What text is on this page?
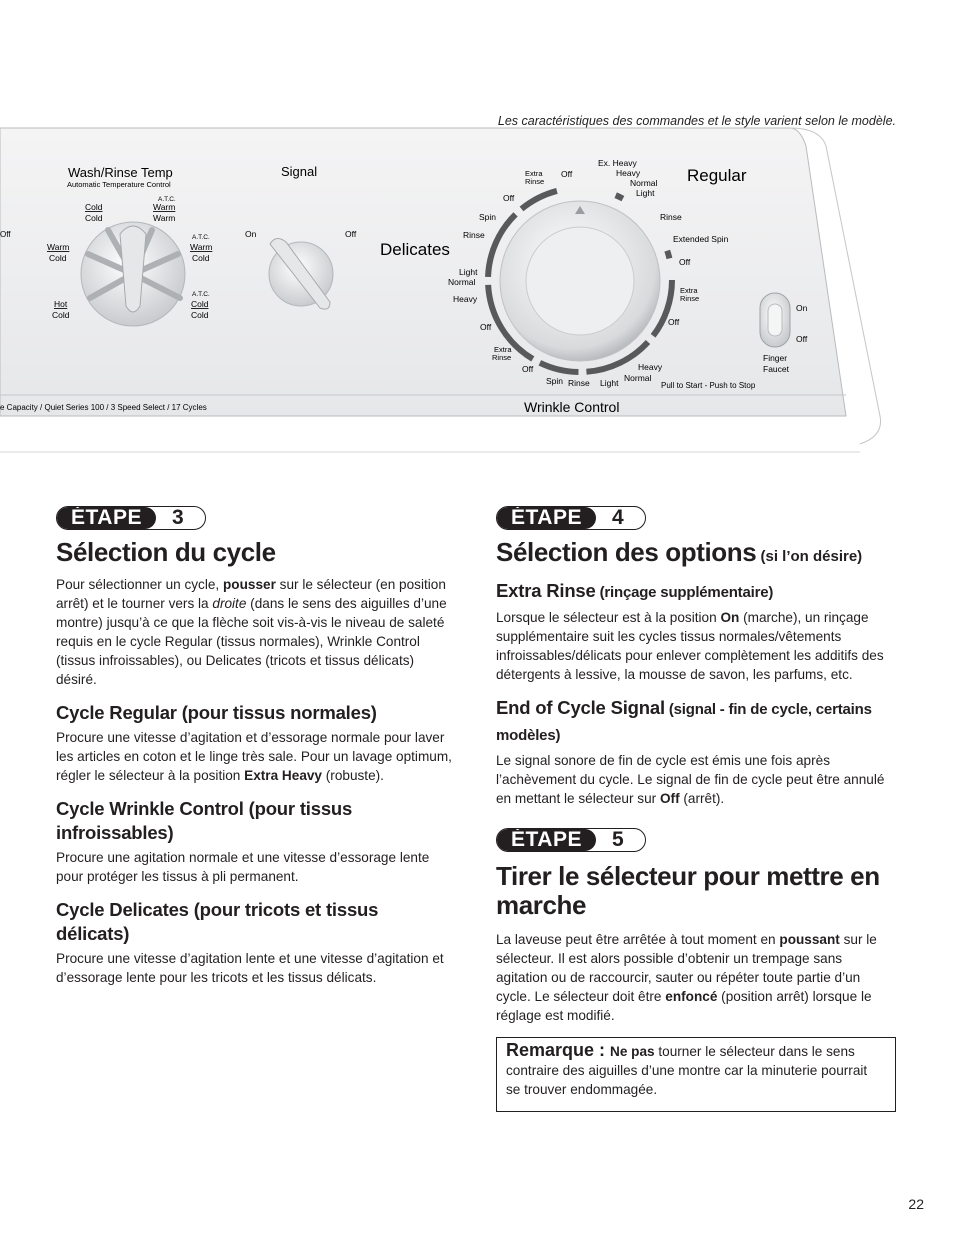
Les caractéristiques des commandes et le style varient selon le modèle.
Wash/Rinse Temp
Automatic Temperature Control
Off
Cold
Cold
A.T.C.
Warm
Warm
Warm
Cold
A.T.C.
Warm
Cold
Hot
Cold
A.T.C.
Cold
Cold
Signal
On	Off
Delicates
Regular
Ex. Heavy
Heavy
Normal
Light
Rinse
Extended Spin
Off
Extra
Rinse
Off
Extra
Rinse
Off
Off
Spin
Rinse
Light
Normal
Heavy
Off
Extra
Rinse
Off
Spin Rinse Light Normal
Heavy
Pull to Start - Push to Stop
Wrinkle Control
On
Off
Finger
Faucet
e Capacity / Quiet Series 100 / 3 Speed Select / 17 Cycles
ÉTAPE	3
Sélection du cycle

Pour sélectionner un cycle, pousser sur le sélecteur (en position arrêt) et le tourner vers la droite (dans le sens des aiguilles d’une montre) jusqu’à ce que la flèche soit vis-à-vis le niveau de saleté requis en le cycle Regular (tissus normales), Wrinkle Control (tissus infroissables), ou Delicates (tricots et tissus délicats) désiré.

Cycle Regular (pour tissus normales)

Procure une vitesse d’agitation et d’essorage normale pour laver les articles en coton et le linge très sale. Pour un lavage optimum, régler le sélecteur à la position Extra Heavy (robuste).

Cycle Wrinkle Control (pour tissus infroissables)

Procure une agitation normale et une vitesse d’essorage lente pour protéger les tissus à pli permanent.

Cycle Delicates (pour tricots et tissus délicats)

Procure une vitesse d’agitation lente et une vitesse d’agitation et d’essorage lente pour les tricots et les tissus délicats.

ÉTAPE	4
Sélection des options (si l’on désire)
Extra Rinse (rinçage supplémentaire)

Lorsque le sélecteur est à la position On (marche), un rinçage supplémentaire suit les cycles tissus normales/vêtements infroissables/délicats pour enlever complètement les additifs des détergents à lessive, la mousse de savon, les parfums, etc.

End of Cycle Signal (signal - fin de cycle, certains modèles)

Le signal sonore de fin de cycle est émis une fois après l’achèvement du cycle. Le signal de fin de cycle peut être annulé en mettant le sélecteur sur Off (arrêt).

ÉTAPE	5
Tirer le sélecteur pour mettre en marche

La laveuse peut être arrêtée à tout moment en poussant sur le sélecteur. Il est alors possible d’obtenir un trempage sans agitation ou de raccourcir, sauter ou répéter toute partie d’un cycle. Le sélecteur doit être enfoncé (position arrêt) lorsque le réglage est modifié.

Remarque : Ne pas tourner le sélecteur dans le sens contraire des aiguilles d’une montre car la minuterie pourrait se trouver endommagée.

22
